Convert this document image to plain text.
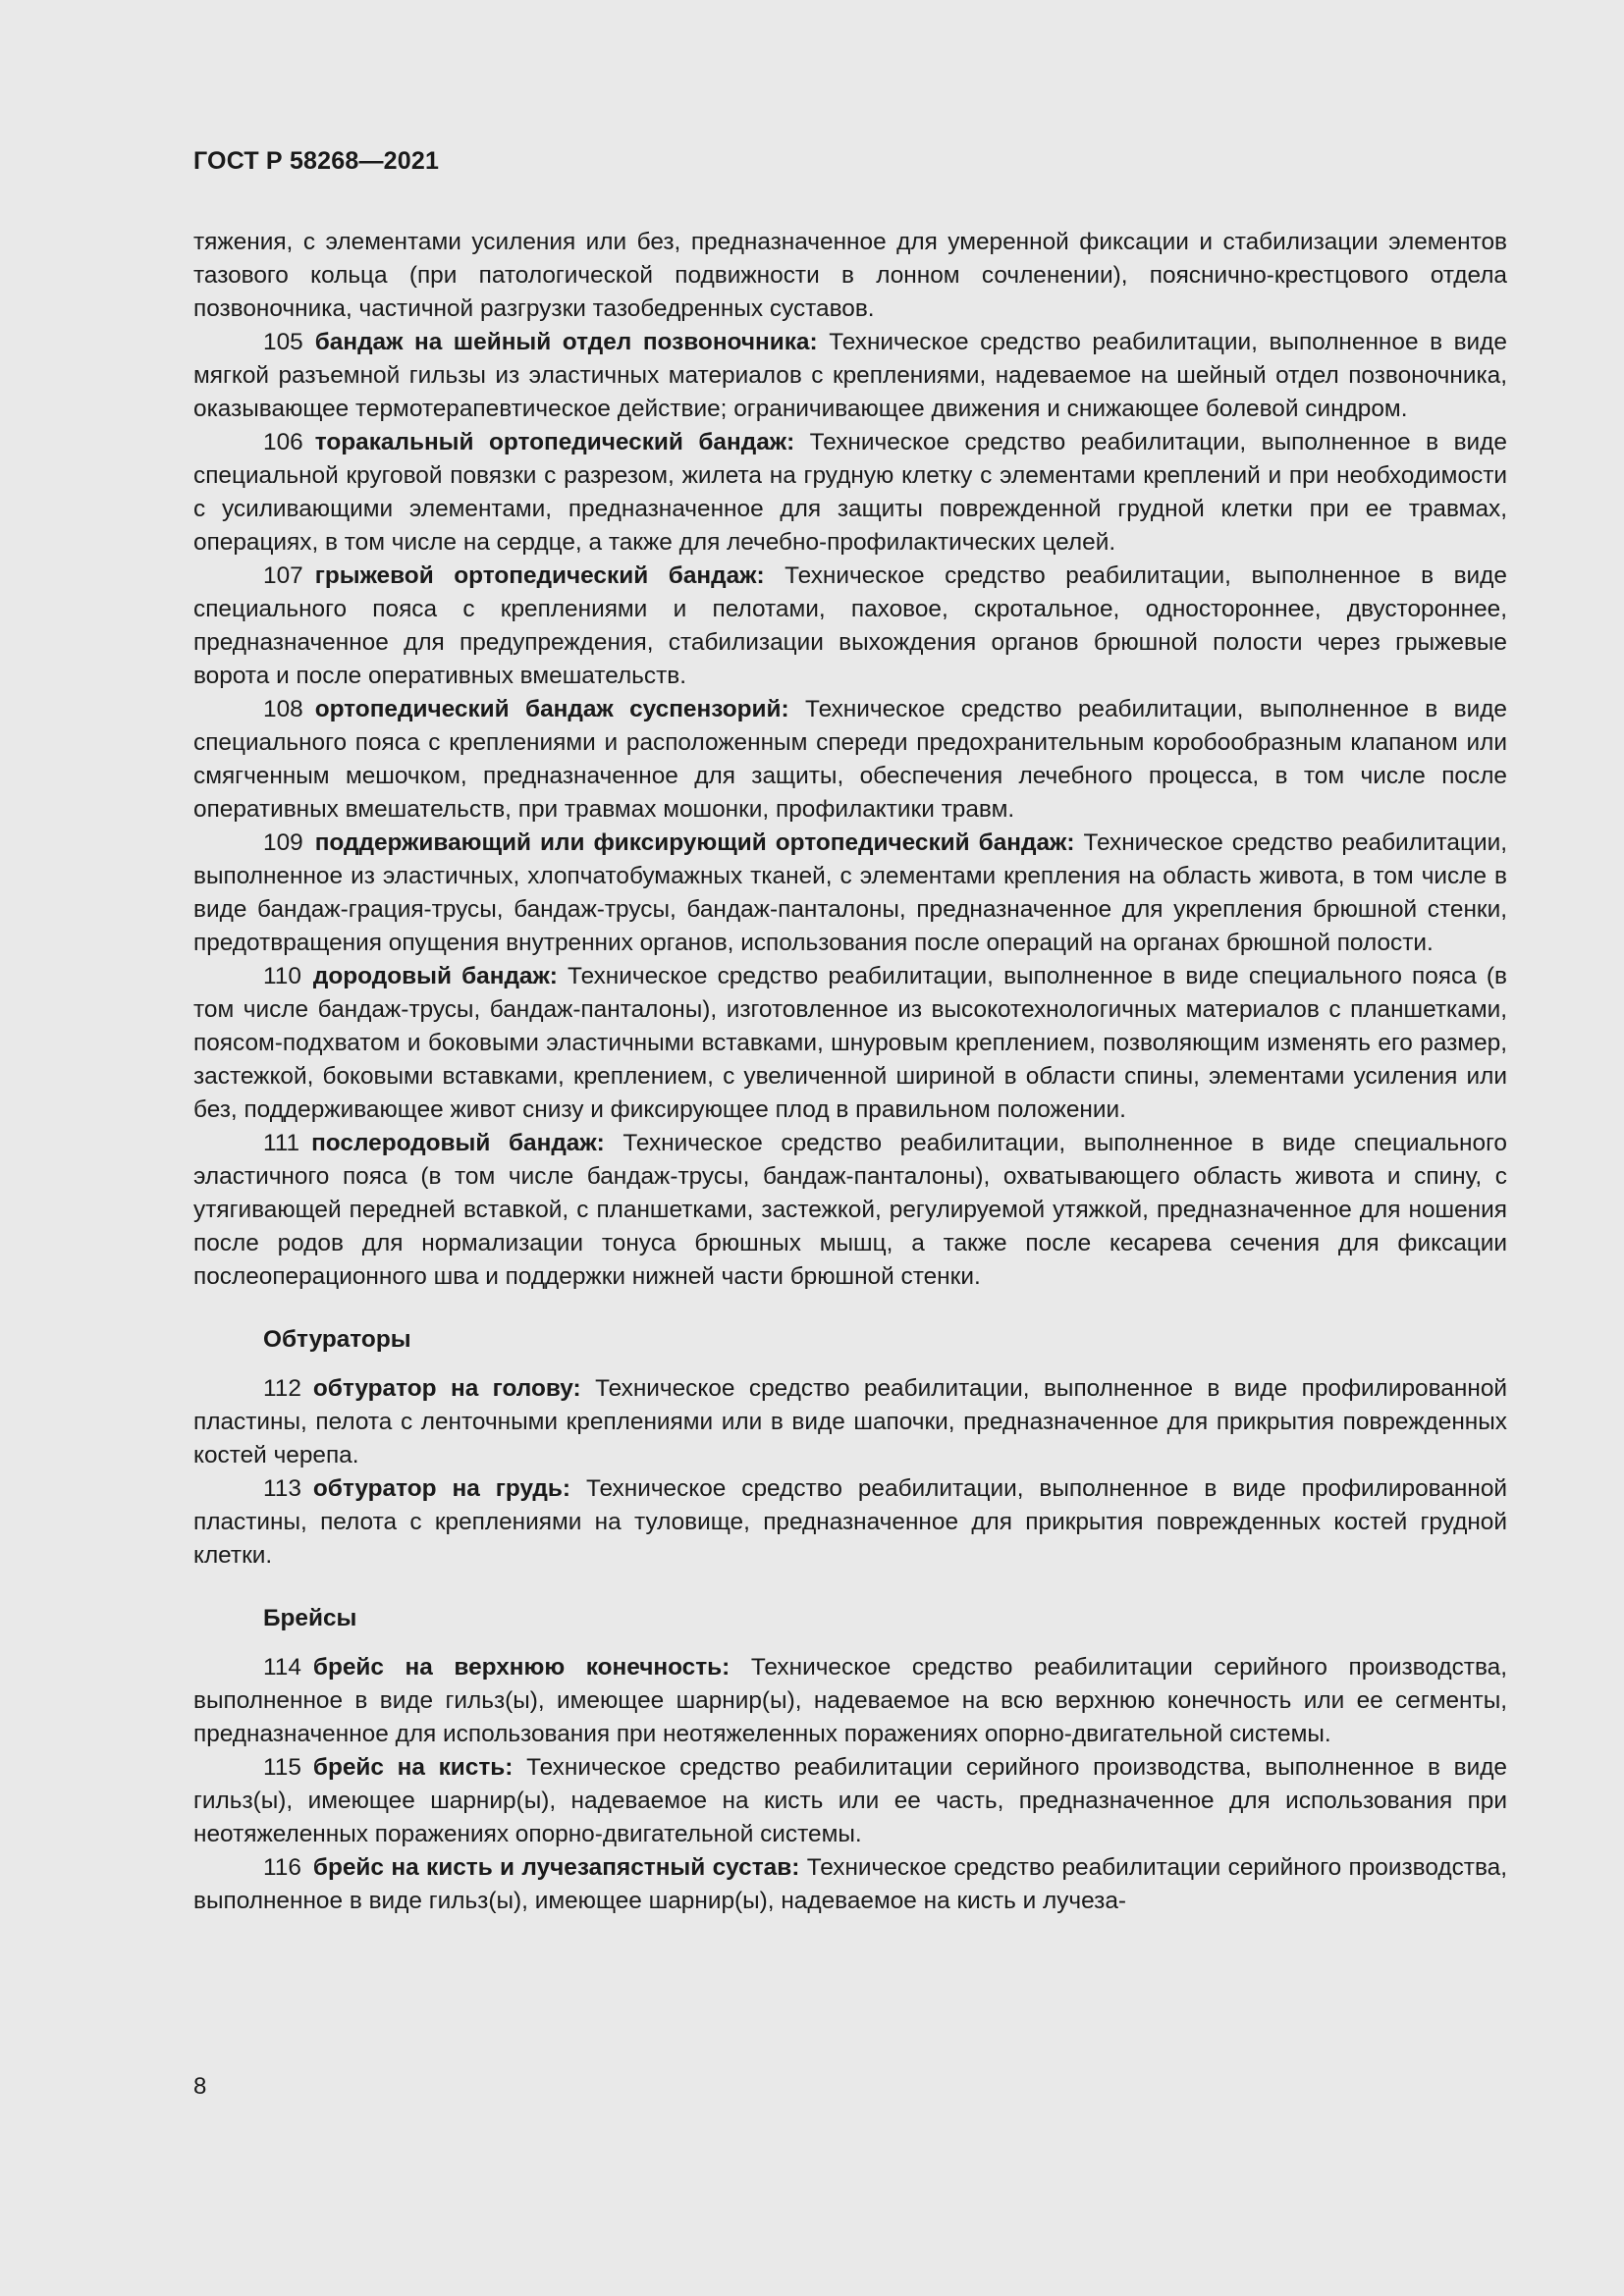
ГОСТ Р 58268—2021

тяжения, с элементами усиления или без, предназначенное для умеренной фиксации и стабилизации элементов тазового кольца (при патологической подвижности в лонном сочленении), пояснично-крестцового отдела позвоночника, частичной разгрузки тазобедренных суставов.

105 бандаж на шейный отдел позвоночника: Техническое средство реабилитации, выполненное в виде мягкой разъемной гильзы из эластичных материалов с креплениями, надеваемое на шейный отдел позвоночника, оказывающее термотерапевтическое действие; ограничивающее движения и снижающее болевой синдром.

106 торакальный ортопедический бандаж: Техническое средство реабилитации, выполненное в виде специальной круговой повязки с разрезом, жилета на грудную клетку с элементами креплений и при необходимости с усиливающими элементами, предназначенное для защиты поврежденной грудной клетки при ее травмах, операциях, в том числе на сердце, а также для лечебно-профилактических целей.

107 грыжевой ортопедический бандаж: Техническое средство реабилитации, выполненное в виде специального пояса с креплениями и пелотами, паховое, скротальное, одностороннее, двустороннее, предназначенное для предупреждения, стабилизации выхождения органов брюшной полости через грыжевые ворота и после оперативных вмешательств.

108 ортопедический бандаж суспензорий: Техническое средство реабилитации, выполненное в виде специального пояса с креплениями и расположенным спереди предохранительным коробообразным клапаном или смягченным мешочком, предназначенное для защиты, обеспечения лечебного процесса, в том числе после оперативных вмешательств, при травмах мошонки, профилактики травм.

109 поддерживающий или фиксирующий ортопедический бандаж: Техническое средство реабилитации, выполненное из эластичных, хлопчатобумажных тканей, с элементами крепления на область живота, в том числе в виде бандаж-грация-трусы, бандаж-трусы, бандаж-панталоны, предназначенное для укрепления брюшной стенки, предотвращения опущения внутренних органов, использования после операций на органах брюшной полости.

110 дородовый бандаж: Техническое средство реабилитации, выполненное в виде специального пояса (в том числе бандаж-трусы, бандаж-панталоны), изготовленное из высокотехнологичных материалов с планшетками, поясом-подхватом и боковыми эластичными вставками, шнуровым креплением, позволяющим изменять его размер, застежкой, боковыми вставками, креплением, с увеличенной шириной в области спины, элементами усиления или без, поддерживающее живот снизу и фиксирующее плод в правильном положении.

111 послеродовый бандаж: Техническое средство реабилитации, выполненное в виде специального эластичного пояса (в том числе бандаж-трусы, бандаж-панталоны), охватывающего область живота и спину, с утягивающей передней вставкой, с планшетками, застежкой, регулируемой утяжкой, предназначенное для ношения после родов для нормализации тонуса брюшных мышц, а также после кесарева сечения для фиксации послеоперационного шва и поддержки нижней части брюшной стенки.

Обтураторы

112 обтуратор на голову: Техническое средство реабилитации, выполненное в виде профилированной пластины, пелота с ленточными креплениями или в виде шапочки, предназначенное для прикрытия поврежденных костей черепа.

113 обтуратор на грудь: Техническое средство реабилитации, выполненное в виде профилированной пластины, пелота с креплениями на туловище, предназначенное для прикрытия поврежденных костей грудной клетки.

Брейсы

114 брейс на верхнюю конечность: Техническое средство реабилитации серийного производства, выполненное в виде гильз(ы), имеющее шарнир(ы), надеваемое на всю верхнюю конечность или ее сегменты, предназначенное для использования при неотяжеленных поражениях опорно-двигательной системы.

115 брейс на кисть: Техническое средство реабилитации серийного производства, выполненное в виде гильз(ы), имеющее шарнир(ы), надеваемое на кисть или ее часть, предназначенное для использования при неотяжеленных поражениях опорно-двигательной системы.

116 брейс на кисть и лучезапястный сустав: Техническое средство реабилитации серийного производства, выполненное в виде гильз(ы), имеющее шарнир(ы), надеваемое на кисть и лучеза-

8
